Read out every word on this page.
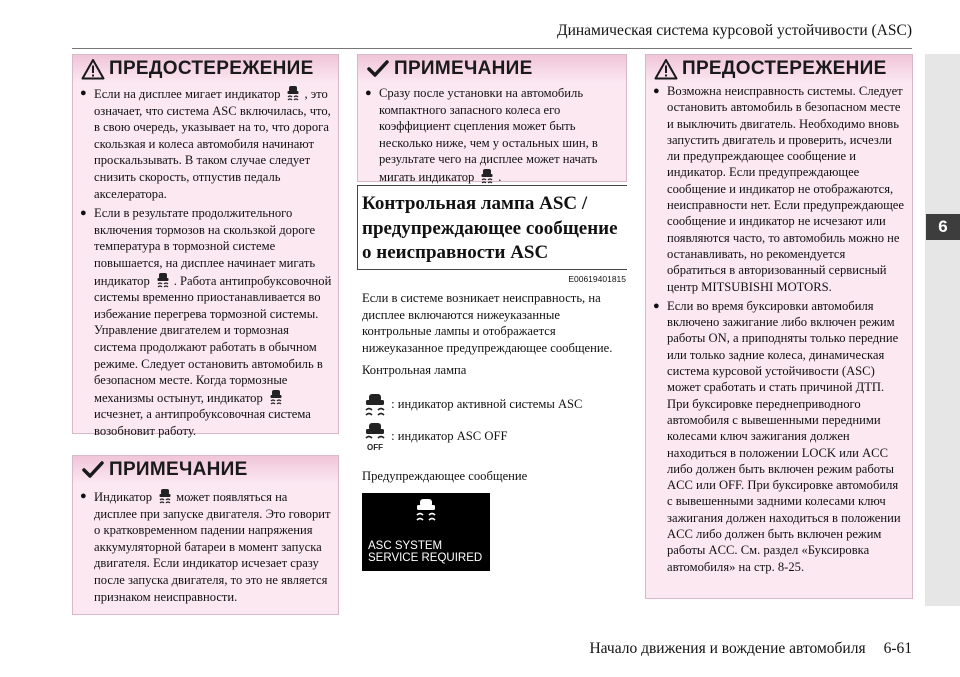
Динамическая система курсовой устойчивости (ASC)
6
ПРЕДОСТЕРЕЖЕНИЕ
● Если на дисплее мигает индикатор , это означает, что система ASC включилась, что, в свою очередь, указывает на то, что дорога скользкая и колеса автомобиля начинают проскальзывать. В таком случае следует снизить скорость, отпустив педаль акселератора.
● Если в результате продолжительного включения тормозов на скользкой дороге температура в тормозной системе повышается, на дисплее начинает мигать индикатор . Работа антипробуксовочной системы временно приостанавливается во избежание перегрева тормозной системы. Управление двигателем и тормозная система продолжают работать в обычном режиме. Следует остановить автомобиль в безопасном месте. Когда тормозные механизмы остынут, индикаторисчезнет, а антипробуксовочная система возобновит работу.
ПРИМЕЧАНИЕ
● Индикатор может появляться на дисплее при запуске двигателя. Это говорит о кратковременном падении напряжения аккумуляторной батареи в момент запуска двигателя. Если индикатор исчезает сразу после запуска двигателя, то это не является признаком неисправности.
ПРИМЕЧАНИЕ
● Сразу после установки на автомобиль компактного запасного колеса его коэффициент сцепления может быть несколько ниже, чем у остальных шин, в результате чего на дисплее может начать мигать индикатор .
Контрольная лампа ASC / предупреждающее сообщение о неисправности ASC
E00619401815
Если в системе возникает неисправность, на дисплее включаются нижеуказанные контрольные лампы и отображается нижеуказанное предупреждающее сообщение.
Контрольная лампа
: индикатор активной системы ASC
OFF
: индикатор ASC OFF
Предупреждающее сообщение
ASC SYSTEM
SERVICE REQUIRED
ПРЕДОСТЕРЕЖЕНИЕ
● Возможна неисправность системы. Следует остановить автомобиль в безопасном месте и выключить двигатель. Необходимо вновь запустить двигатель и проверить, исчезли ли предупреждающее сообщение и индикатор. Если предупреждающее сообщение и индикатор не отображаются, неисправности нет. Если предупреждающее сообщение и индикатор не исчезают или появляются часто, то автомобиль можно не останавливать, но рекомендуется обратиться в авторизованный сервисный центр MITSUBISHI MOTORS.
● Если во время буксировки автомобиля включено зажигание либо включен режим работы ON, а приподняты только передние или только задние колеса, динамическая система курсовой устойчивости (ASC) может сработать и стать причиной ДТП. При буксировке переднеприводного автомобиля с вывешенными передними колесами ключ зажигания должен находиться в положении LOCK или ACC либо должен быть включен режим работы ACC или OFF. При буксировке автомобиля с вывешенными задними колесами ключ зажигания должен находиться в положении ACC либо должен быть включен режим работы ACC. См. раздел «Буксировка автомобиля» на стр. 8-25.
Начало движения и вождение автомобиля 6-61
